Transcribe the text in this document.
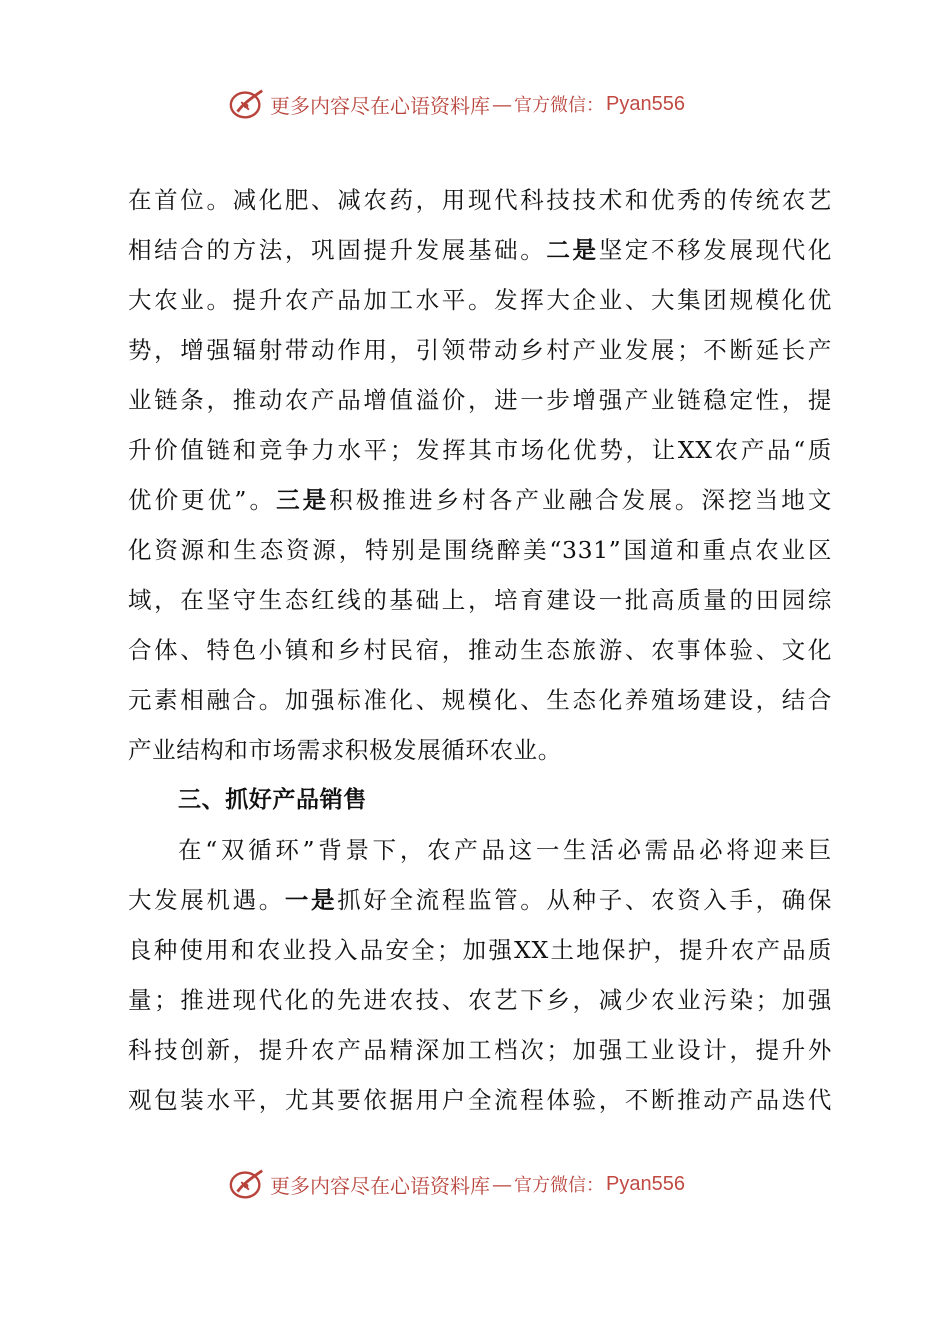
更多内容尽在心语资料库 — 官方微信： Pyan556
在首位。减化肥、减农药，用现代科技技术和优秀的传统农艺
相结合的方法，巩固提升发展基础。二是坚定不移发展现代化
大农业。提升农产品加工水平。发挥大企业、大集团规模化优
势，增强辐射带动作用，引领带动乡村产业发展；不断延长产
业链条，推动农产品增值溢价，进一步增强产业链稳定性，提
升价值链和竞争力水平；发挥其市场化优势，让XX农产品“质
优价更优”。三是积极推进乡村各产业融合发展。深挖当地文
化资源和生态资源，特别是围绕醉美“331”国道和重点农业区
域，在坚守生态红线的基础上，培育建设一批高质量的田园综
合体、特色小镇和乡村民宿，推动生态旅游、农事体验、文化
元素相融合。加强标准化、规模化、生态化养殖场建设，结合
产业结构和市场需求积极发展循环农业。
三、抓好产品销售
在“双循环”背景下，农产品这一生活必需品必将迎来巨
大发展机遇。一是抓好全流程监管。从种子、农资入手，确保
良种使用和农业投入品安全；加强XX土地保护，提升农产品质
量；推进现代化的先进农技、农艺下乡，减少农业污染；加强
科技创新，提升农产品精深加工档次；加强工业设计，提升外
观包装水平，尤其要依据用户全流程体验，不断推动产品迭代
更多内容尽在心语资料库 — 官方微信： Pyan556
